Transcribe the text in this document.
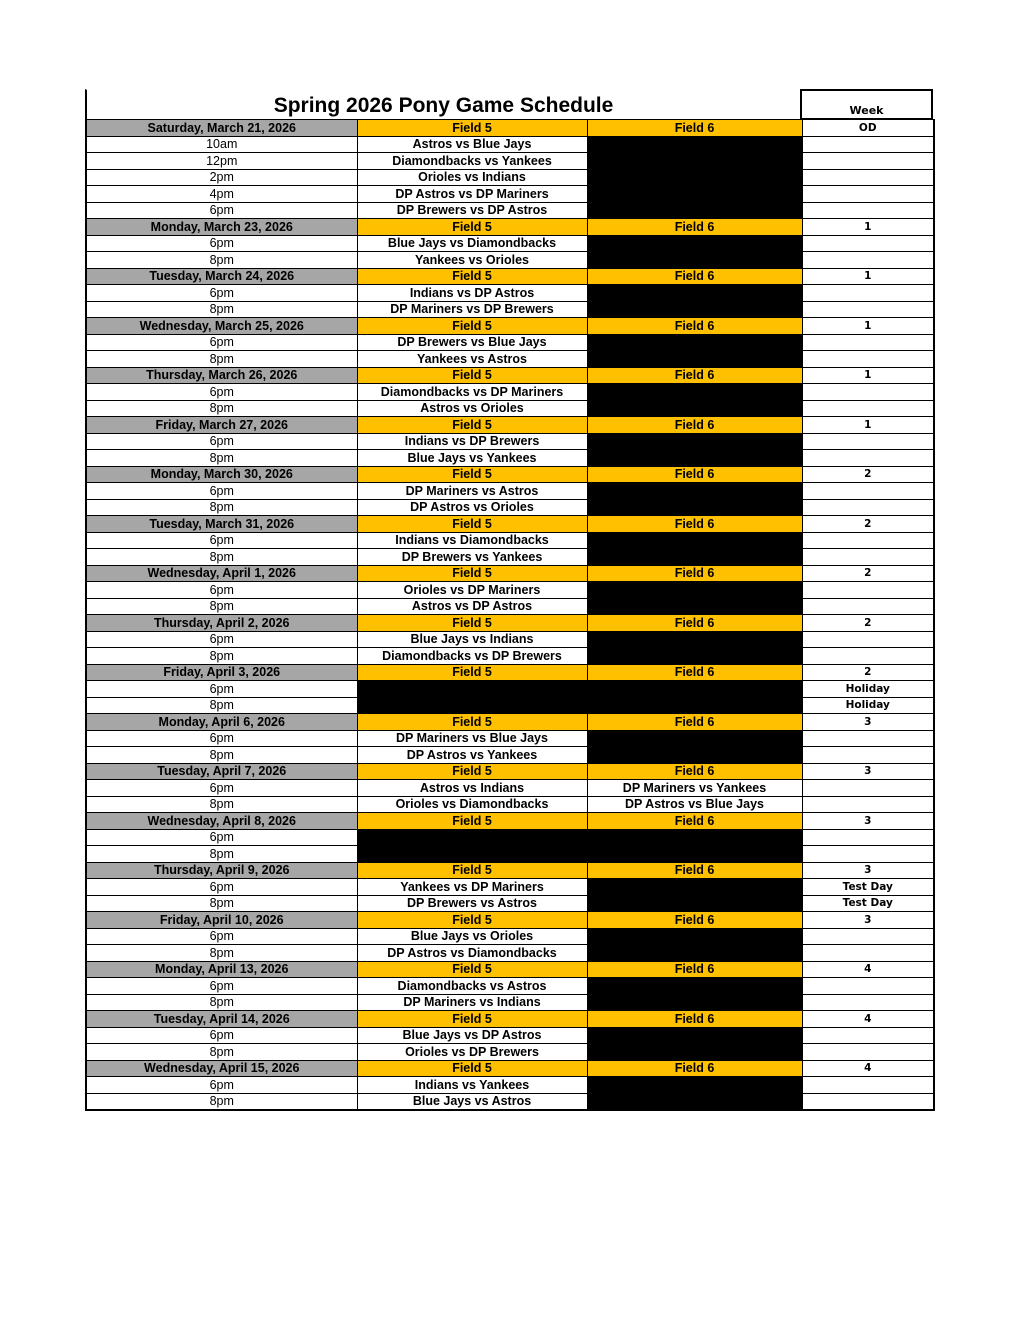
Spring 2026 Pony Game Schedule	Week
Saturday, March 21, 2026	Field 5	Field 6	OD
10am	Astros vs Blue Jays		
12pm	Diamondbacks vs Yankees		
2pm	Orioles vs Indians		
4pm	DP Astros vs DP Mariners		
6pm	DP Brewers vs DP Astros		
Monday, March 23, 2026	Field 5	Field 6	1
6pm	Blue Jays vs Diamondbacks		
8pm	Yankees vs Orioles		
Tuesday, March 24, 2026	Field 5	Field 6	1
6pm	Indians vs DP Astros		
8pm	DP Mariners vs DP Brewers		
Wednesday, March 25, 2026	Field 5	Field 6	1
6pm	DP Brewers vs Blue Jays		
8pm	Yankees vs Astros		
Thursday, March 26, 2026	Field 5	Field 6	1
6pm	Diamondbacks vs DP Mariners		
8pm	Astros vs Orioles		
Friday, March 27, 2026	Field 5	Field 6	1
6pm	Indians vs DP Brewers		
8pm	Blue Jays vs Yankees		
Monday, March 30, 2026	Field 5	Field 6	2
6pm	DP Mariners vs Astros		
8pm	DP Astros vs Orioles		
Tuesday, March 31, 2026	Field 5	Field 6	2
6pm	Indians vs Diamondbacks		
8pm	DP Brewers vs Yankees		
Wednesday, April 1, 2026	Field 5	Field 6	2
6pm	Orioles vs DP Mariners		
8pm	Astros vs DP Astros		
Thursday, April 2, 2026	Field 5	Field 6	2
6pm	Blue Jays vs Indians		
8pm	Diamondbacks vs DP Brewers		
Friday, April 3, 2026	Field 5	Field 6	2
6pm			Holiday
8pm			Holiday
Monday, April 6, 2026	Field 5	Field 6	3
6pm	DP Mariners vs Blue Jays		
8pm	DP Astros vs Yankees		
Tuesday, April 7, 2026	Field 5	Field 6	3
6pm	Astros vs Indians	DP Mariners vs Yankees	
8pm	Orioles vs Diamondbacks	DP Astros vs Blue Jays	
Wednesday, April 8, 2026	Field 5	Field 6	3
6pm			
8pm			
Thursday, April 9, 2026	Field 5	Field 6	3
6pm	Yankees vs DP Mariners		Test Day
8pm	DP Brewers vs Astros		Test Day
Friday, April 10, 2026	Field 5	Field 6	3
6pm	Blue Jays vs Orioles		
8pm	DP Astros vs Diamondbacks		
Monday, April 13, 2026	Field 5	Field 6	4
6pm	Diamondbacks vs Astros		
8pm	DP Mariners vs Indians		
Tuesday, April 14, 2026	Field 5	Field 6	4
6pm	Blue Jays vs DP Astros		
8pm	Orioles vs DP Brewers		
Wednesday, April 15, 2026	Field 5	Field 6	4
6pm	Indians vs Yankees		
8pm	Blue Jays vs Astros		
